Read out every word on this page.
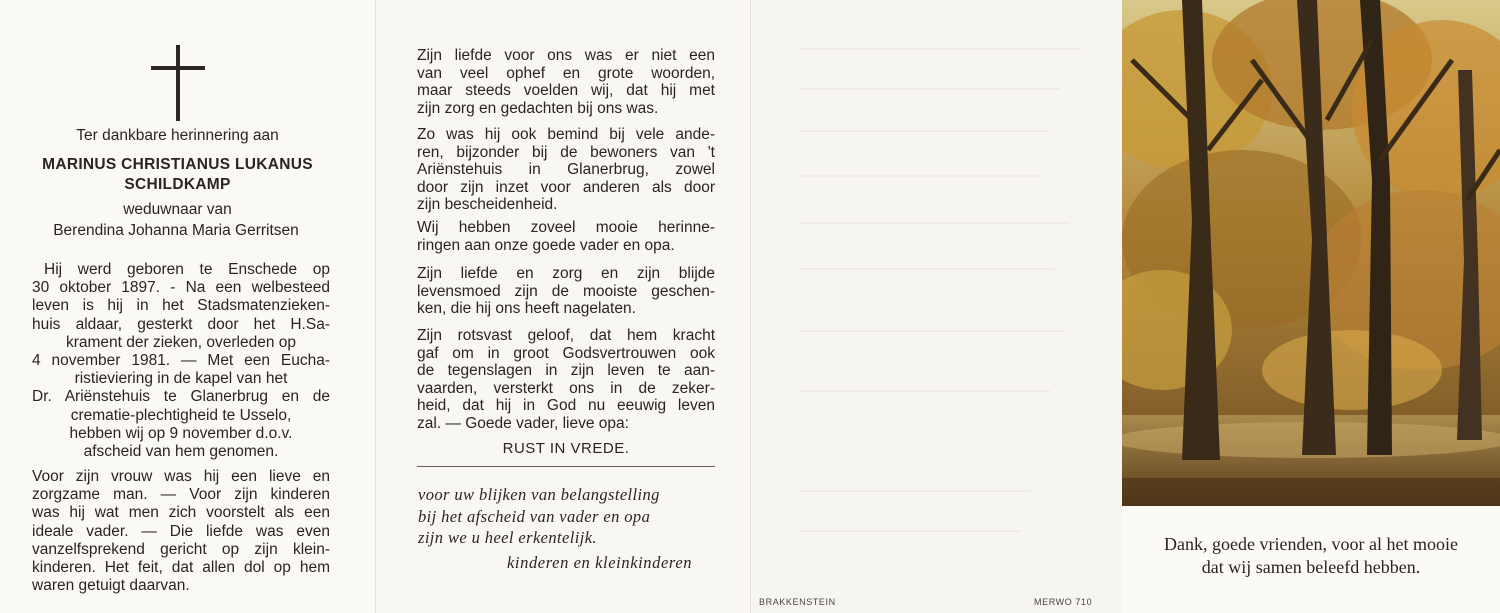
Ter dankbare herinnering aan
MARINUS CHRISTIANUS LUKANUS
SCHILDKAMP
weduwnaar van
Berendina Johanna Maria Gerritsen
Hij werd geboren te Enschede op
30 oktober 1897. - Na een welbesteed
leven is hij in het Stadsmatenzieken-
huis aldaar, gesterkt door het H.Sa-
krament der zieken, overleden op
4 november 1981. — Met een Eucha-
ristieviering in de kapel van het
Dr. Ariënstehuis te Glanerbrug en de
crematie-plechtigheid te Usselo,
hebben wij op 9 november d.o.v.
afscheid van hem genomen.
Voor zijn vrouw was hij een lieve en
zorgzame man. — Voor zijn kinderen
was hij wat men zich voorstelt als een
ideale vader. — Die liefde was even
vanzelfsprekend gericht op zijn klein-
kinderen. Het feit, dat allen dol op hem
waren getuigt daarvan.
Zijn liefde voor ons was er niet een
van veel ophef en grote woorden,
maar steeds voelden wij, dat hij met
zijn zorg en gedachten bij ons was.
Zo was hij ook bemind bij vele ande-
ren, bijzonder bij de bewoners van 't
Ariënstehuis in Glanerbrug, zowel
door zijn inzet voor anderen als door
zijn bescheidenheid.
Wij hebben zoveel mooie herinne-
ringen aan onze goede vader en opa.
Zijn liefde en zorg en zijn blijde
levensmoed zijn de mooiste geschen-
ken, die hij ons heeft nagelaten.
Zijn rotsvast geloof, dat hem kracht
gaf om in groot Godsvertrouwen ook
de tegenslagen in zijn leven te aan-
vaarden, versterkt ons in de zeker-
heid, dat hij in God nu eeuwig leven
zal. — Goede vader, lieve opa:
RUST IN VREDE.
voor uw blijken van belangstelling
bij het afscheid van vader en opa
zijn we u heel erkentelijk.
kinderen en kleinkinderen
BRAKKENSTEIN	MERWO 710
Dank, goede vrienden, voor al het mooie
dat wij samen beleefd hebben.
